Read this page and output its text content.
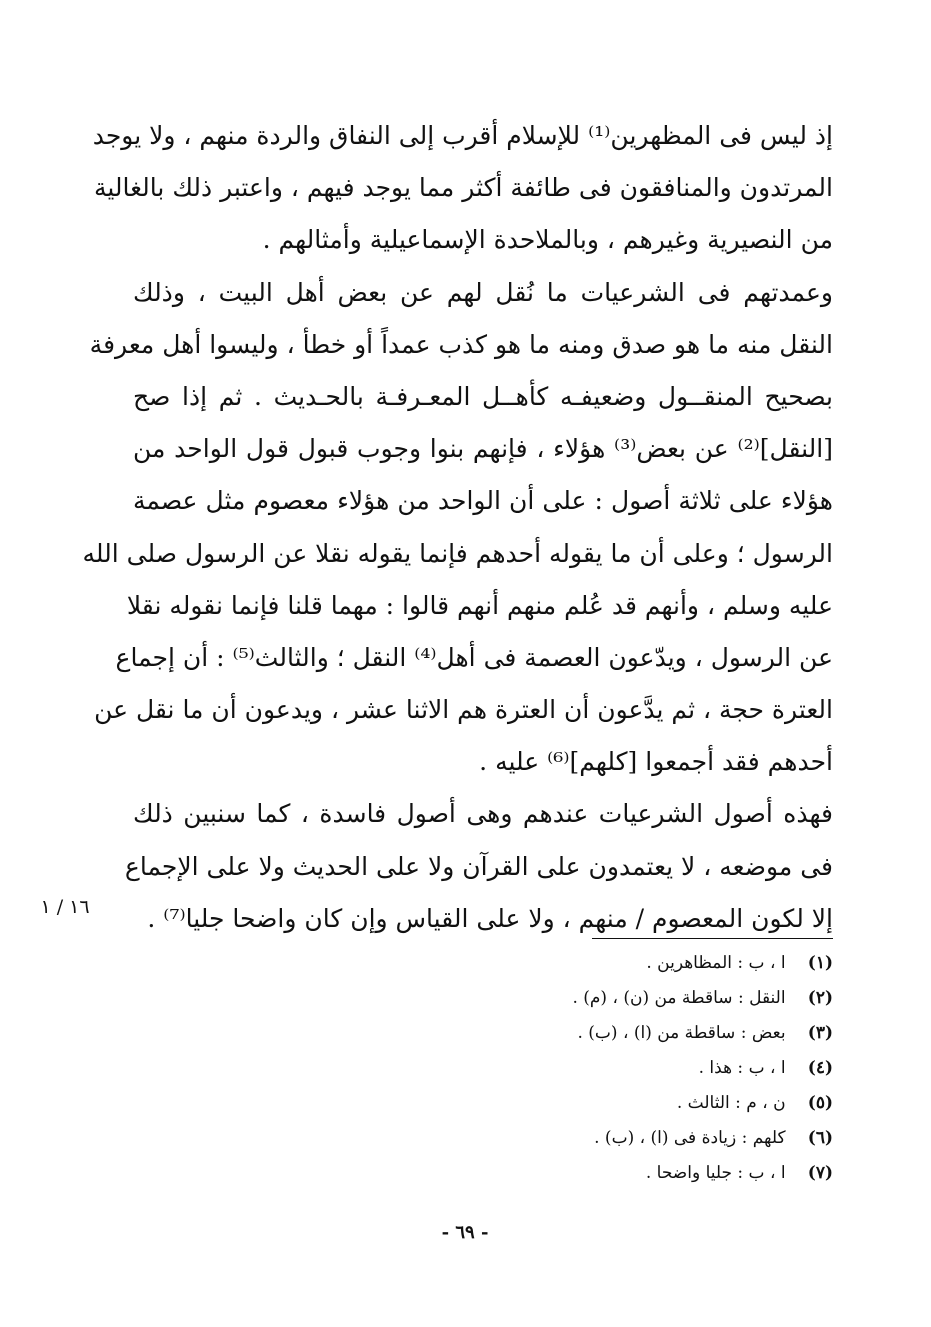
إذ ليس فى المظهرين⁽¹⁾ للإسلام أقرب إلى النفاق والردة منهم ، ولا يوجد
المرتدون والمنافقون فى طائفة أكثر مما يوجد فيهم ، واعتبر ذلك بالغالية
من النصيرية وغيرهم ، وبالملاحدة الإسماعيلية وأمثالهم .
وعمدتهم فى الشرعيات ما نُقل لهم عن بعض أهل البيت ، وذلك
النقل منه ما هو صدق ومنه ما هو كذب عمداً أو خطأ ، وليسوا أهل معرفة
بصحيح المنقــول وضعيفـه كأهــل المعـرفـة بالحـديث . ثم إذا صح
[النقل]⁽²⁾ عن بعض⁽³⁾ هؤلاء ، فإنهم بنوا وجوب قبول قول الواحد من
هؤلاء على ثلاثة أصول : على أن الواحد من هؤلاء معصوم مثل عصمة
الرسول ؛ وعلى أن ما يقوله أحدهم فإنما يقوله نقلا عن الرسول صلى الله
عليه وسلم ، وأنهم قد عُلم منهم أنهم قالوا : مهما قلنا فإنما نقوله نقلا
عن الرسول ، ويدّعون العصمة فى أهل⁽⁴⁾ النقل ؛ والثالث⁽⁵⁾ : أن إجماع
العترة حجة ، ثم يدَّعون أن العترة هم الاثنا عشر ، ويدعون أن ما نقل عن
أحدهم فقد أجمعوا [كلهم]⁽⁶⁾ عليه .
فهذه أصول الشرعيات عندهم وهى أصول فاسدة ، كما سنبين ذلك
فى موضعه ، لا يعتمدون على القرآن ولا على الحديث ولا على الإجماع
إلا لكون المعصوم / منهم ، ولا على القياس وإن كان واضحا جليا⁽⁷⁾ .
١٦ / ١
(١) ا ، ب : المظاهرين .
(٢) النقل : ساقطة من (ن) ، (م) .
(٣) بعض : ساقطة من (ا) ، (ب) .
(٤) ا ، ب : هذا .
(٥) ن ، م : الثالث .
(٦) كلهم : زيادة فى (ا) ، (ب) .
(٧) ا ، ب : جليا واضحا .
- ٦٩ -
